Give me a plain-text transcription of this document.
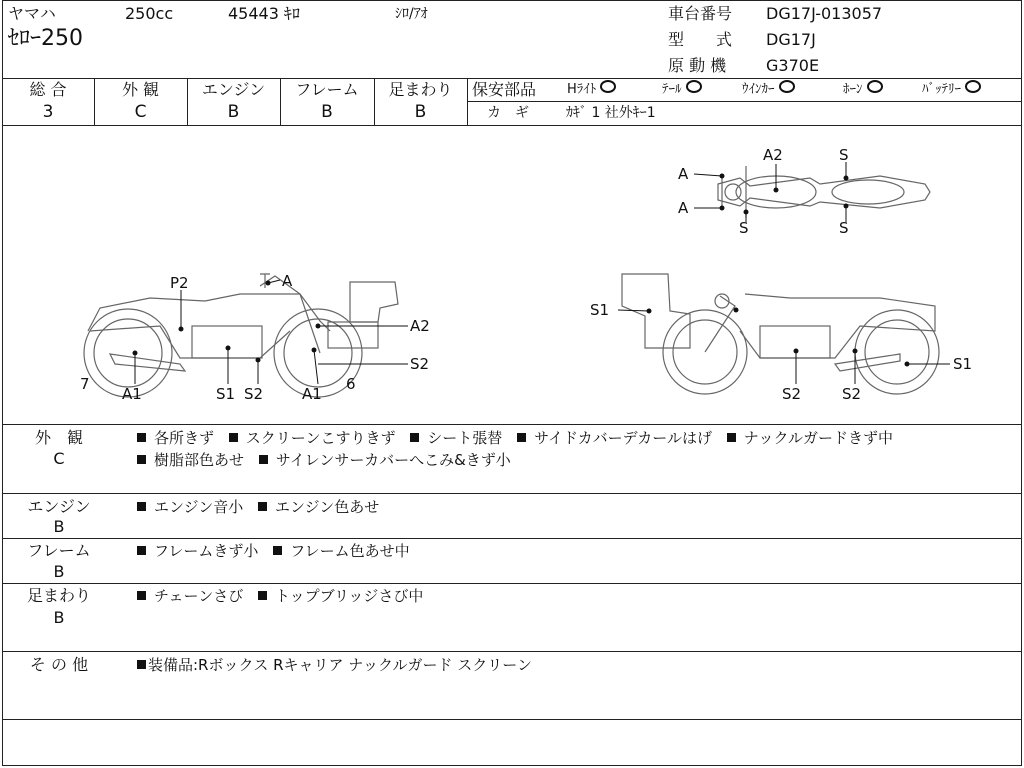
ヤマハ	250cc	45443 ｷﾛ	ｼﾛ/ｱｵ
ｾﾛｰ250
車台番号 DG17J-013057
型　　式 DG17J
原 動 機 G370E
総 合
3
外 観
C
エンジン
B
フレーム
B
足まわり
B
保安部品 Hﾗｲﾄ	ﾃｰﾙ	ｳｲﾝｶｰ	ﾎｰﾝ	ﾊﾞｯﾃﾘｰ
カ　ギ	ｶｷﾞ 1 社外ｷｰ1
P2	A
A2
S2
7
A1	S1 S2	A1
6
S1
S1
S2	S2
A2	S
A
A
S	S
外　観
C
各所きず スクリーンこすりきず シート張替 サイドカバーデカールはげ ナックルガードきず中
樹脂部色あせ サイレンサーカバーへこみ&きず小
エンジン
B
エンジン音小 エンジン色あせ
フレーム
B
フレームきず小 フレーム色あせ中
足まわり
B
チェーンさび トップブリッジさび中
そ の 他	装備品:Rボックス Rキャリア ナックルガード スクリーン
